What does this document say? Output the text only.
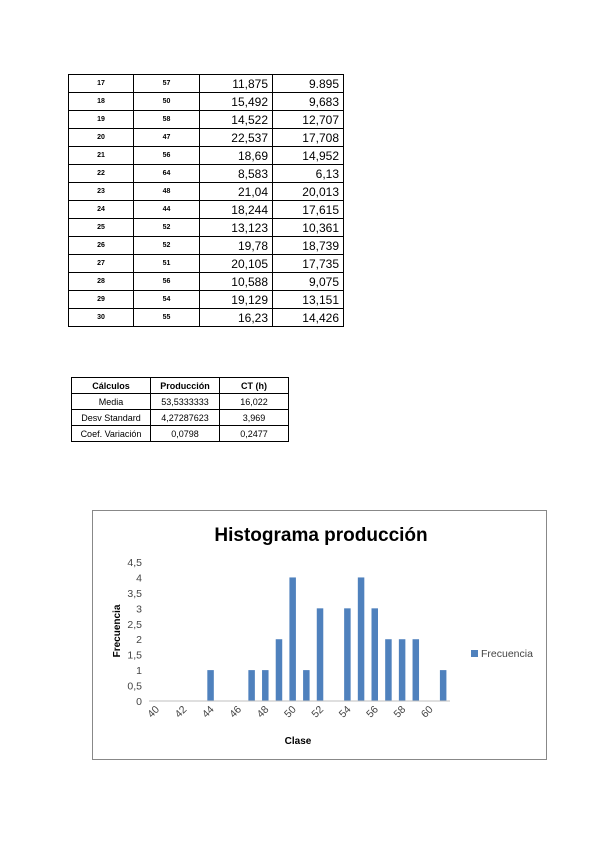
17	57	11,875	9.895
18	50	15,492	9,683
19	58	14,522	12,707
20	47	22,537	17,708
21	56	18,69	14,952
22	64	8,583	6,13
23	48	21,04	20,013
24	44	18,244	17,615
25	52	13,123	10,361
26	52	19,78	18,739
27	51	20,105	17,735
28	56	10,588	9,075
29	54	19,129	13,151
30	55	16,23	14,426
Cálculos	Producción	CT (h)
Media	53,5333333	16,022
Desv Standard	4,27287623	3,969
Coef. Variación	0,0798	0,2477
Histograma producción
0
0,5
1
1,5
2
2,5
3
3,5
4
4,5
40 42 44 46 48 50 52 54 56 58 60
Frecuencia
Clase
Frecuencia
